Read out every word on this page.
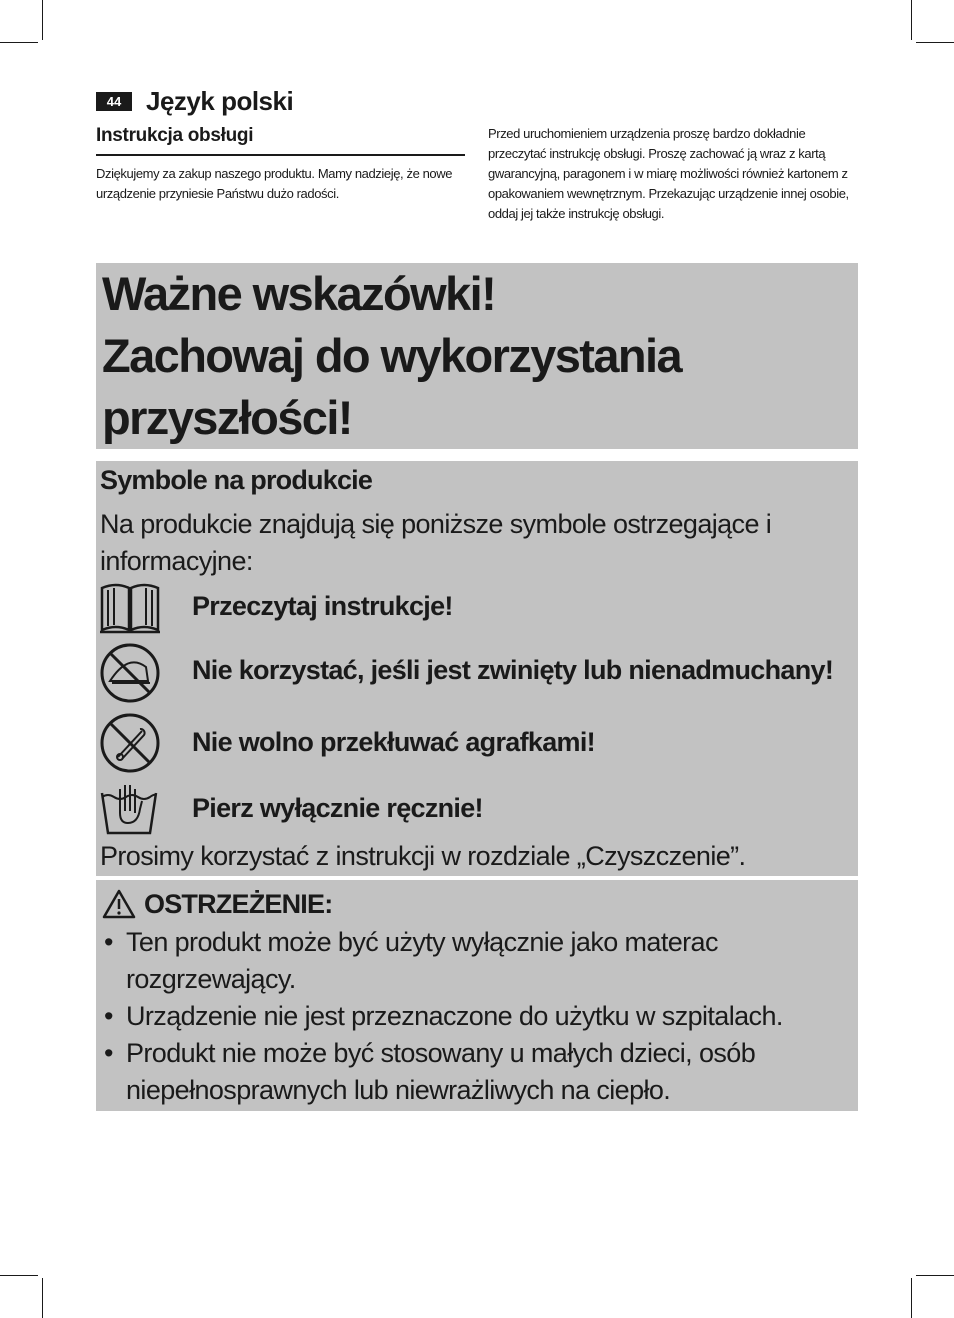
44 Język polski
Instrukcja obsługi

Dziękujemy za zakup naszego produktu. Mamy nadzieję, że nowe urządzenie przyniesie Państwu dużo radości.

Przed uruchomieniem urządzenia proszę bardzo dokładnie przeczytać instrukcję obsługi. Proszę zachować ją wraz z kartą gwarancyjną, paragonem i w miarę możliwości również kartonem z opakowaniem wewnętrznym. Przekazując urządzenie innej osobie, oddaj jej także instrukcję obsługi.

Ważne wskazówki!
Zachowaj do wykorzystania
przyszłości!
Symbole na produkcie

Na produkcie znajdują się poniższe symbole ostrzegające i informacyjne:

Przeczytaj instrukcje!
Nie korzystać, jeśli jest zwinięty lub nienadmuchany!
Nie wolno przekłuwać agrafkami!
Pierz wyłącznie ręcznie!
Prosimy korzystać z instrukcji w rozdziale „Czyszczenie”.
OSTRZEŻENIE:
• Ten produkt może być użyty wyłącznie jako materac rozgrzewający.
• Urządzenie nie jest przeznaczone do użytku w szpitalach.
• Produkt nie może być stosowany u małych dzieci, osób niepełnosprawnych lub niewrażliwych na ciepło.
